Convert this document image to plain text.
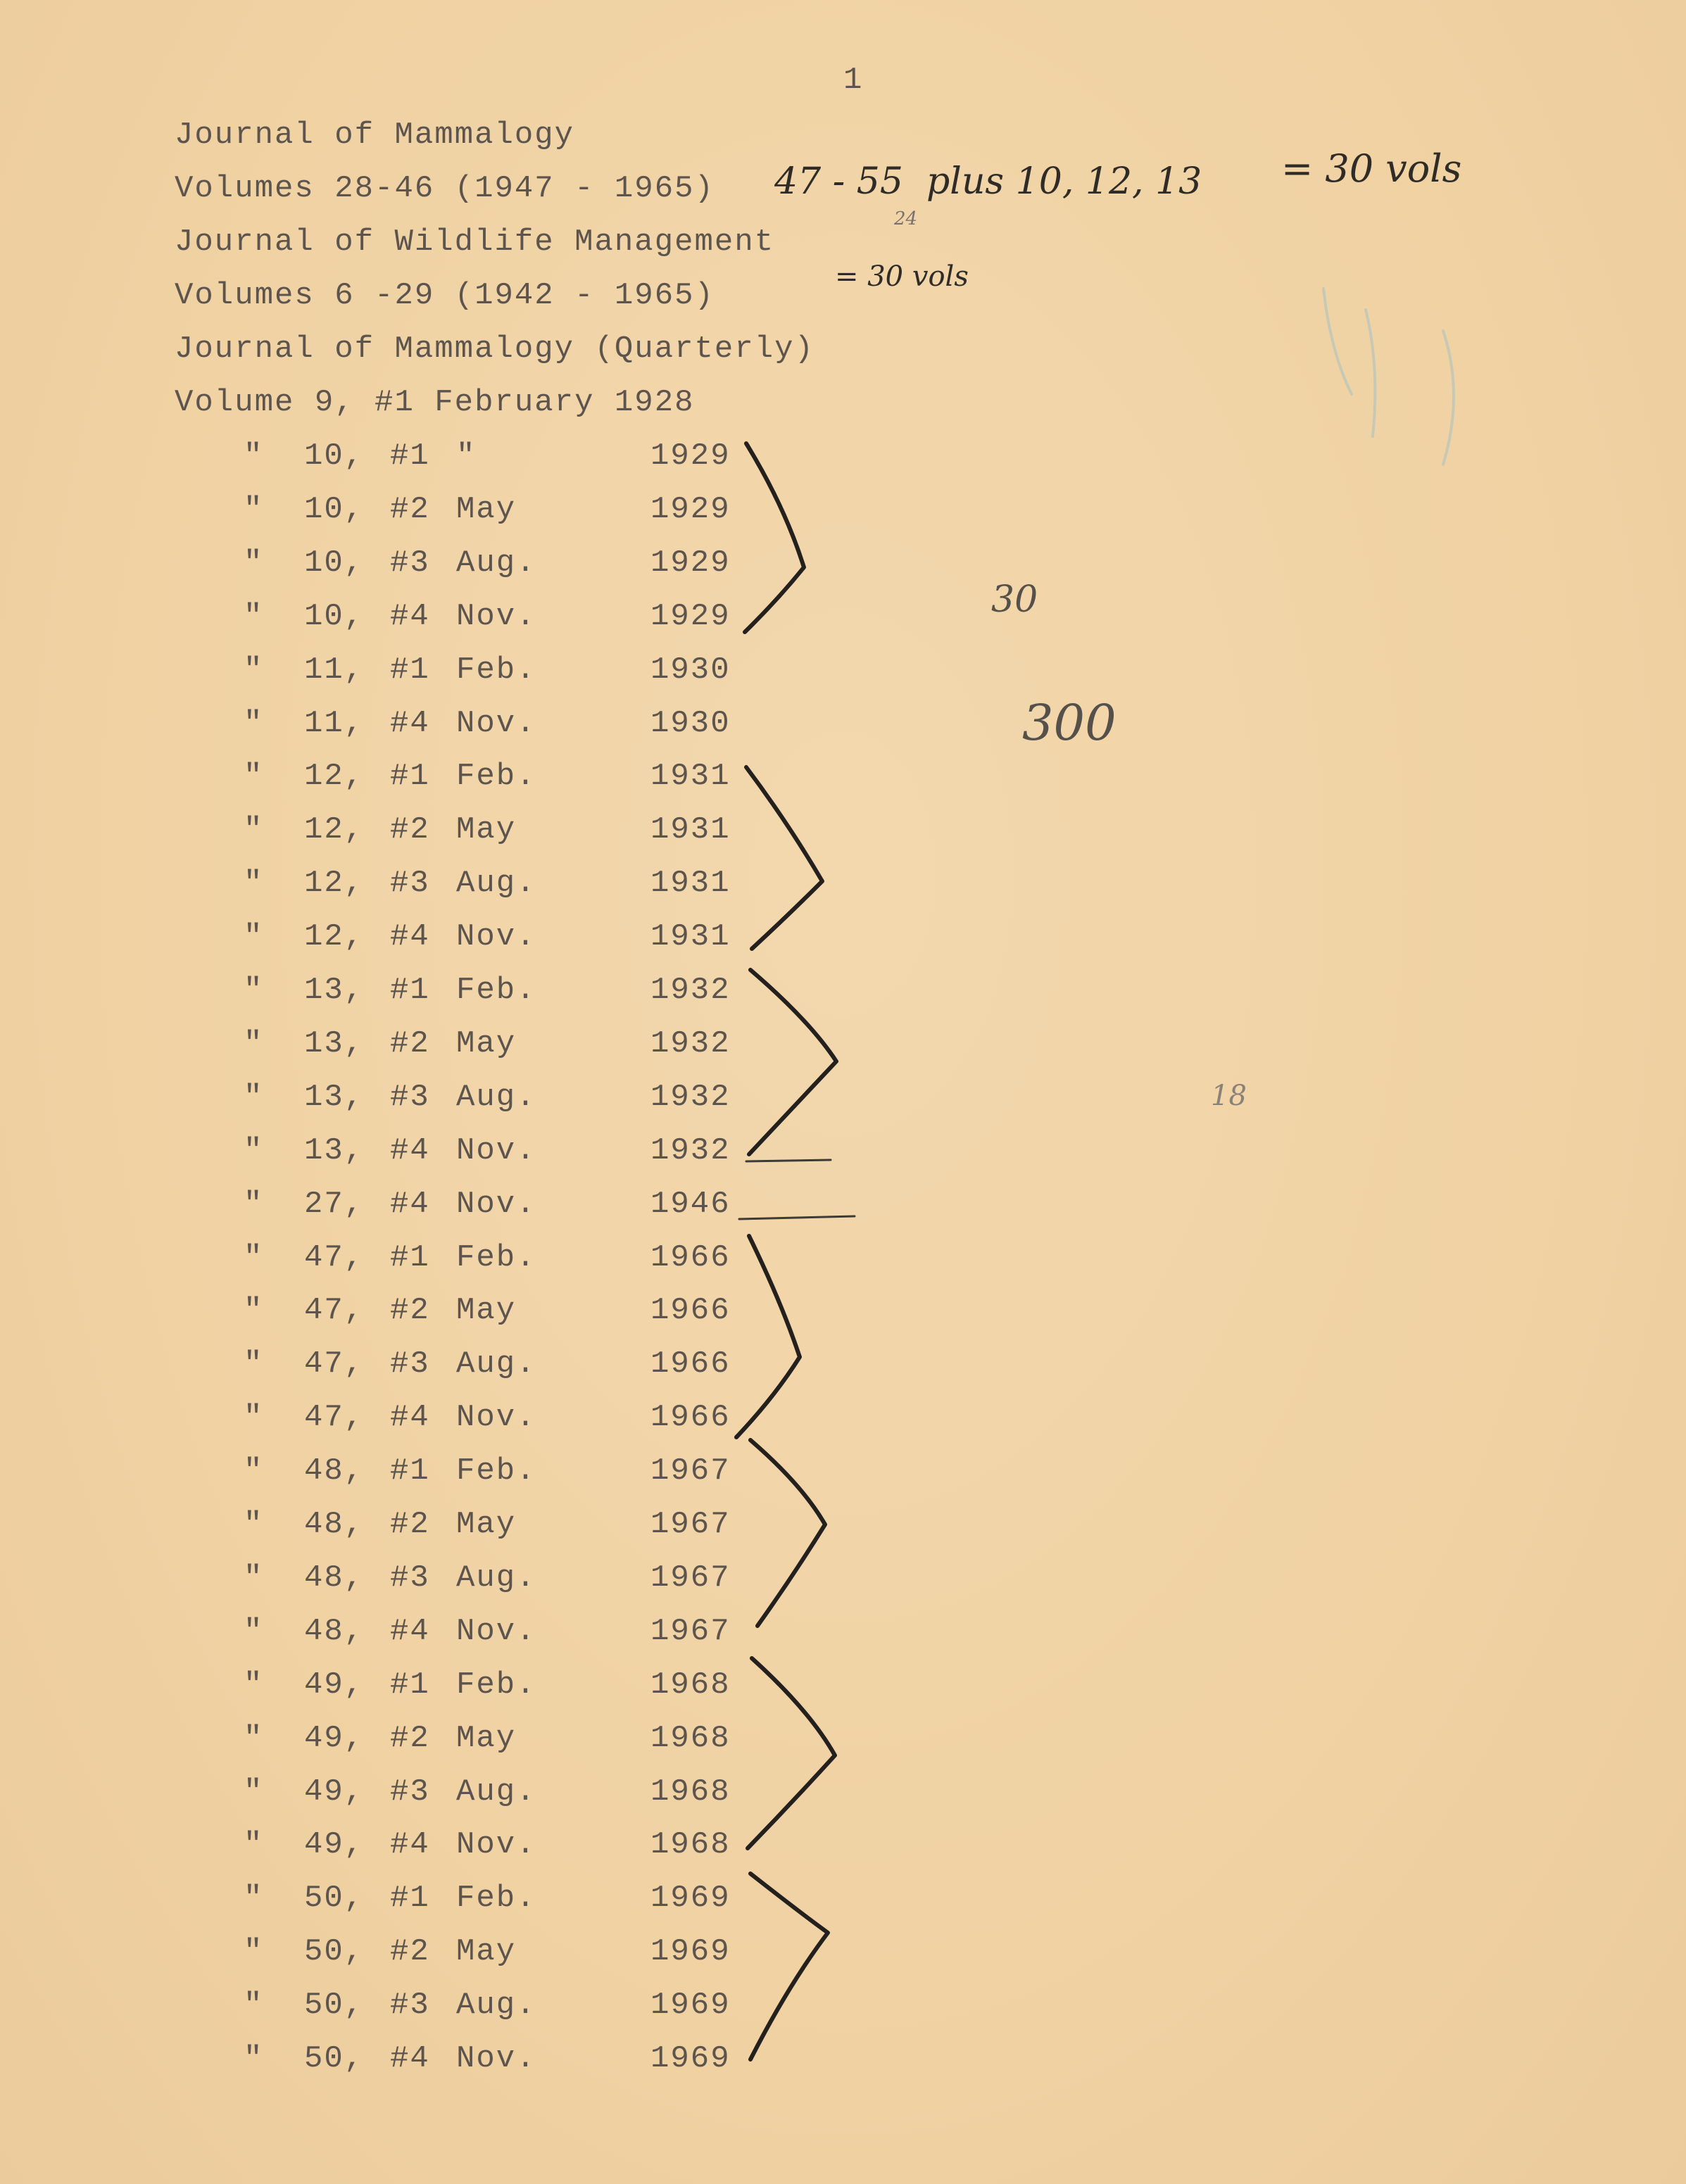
1
Journal of Mammalogy
Volumes 28-46 (1947 - 1965)
Journal of Wildlife Management
Volumes 6 -29 (1942 - 1965)
Journal of Mammalogy (Quarterly)
Volume 9, #1 February 1928
47 - 55  plus 10, 12, 13 = 30 vols
24
= 30 vols
30
300
18
" 10, #1 "	1929
" 10, #2 May	1929
" 10, #3 Aug.	1929
" 10, #4 Nov.	1929
" 11, #1 Feb.	1930
" 11, #4 Nov.	1930
" 12, #1 Feb.	1931
" 12, #2 May	1931
" 12, #3 Aug.	1931
" 12, #4 Nov.	1931
" 13, #1 Feb.	1932
" 13, #2 May	1932
" 13, #3 Aug.	1932
" 13, #4 Nov.	1932
" 27, #4 Nov.	1946
" 47, #1 Feb.	1966
" 47, #2 May	1966
" 47, #3 Aug.	1966
" 47, #4 Nov.	1966
" 48, #1 Feb.	1967
" 48, #2 May	1967
" 48, #3 Aug.	1967
" 48, #4 Nov.	1967
" 49, #1 Feb.	1968
" 49, #2 May	1968
" 49, #3 Aug.	1968
" 49, #4 Nov.	1968
" 50, #1 Feb.	1969
" 50, #2 May	1969
" 50, #3 Aug.	1969
" 50, #4 Nov.	1969
